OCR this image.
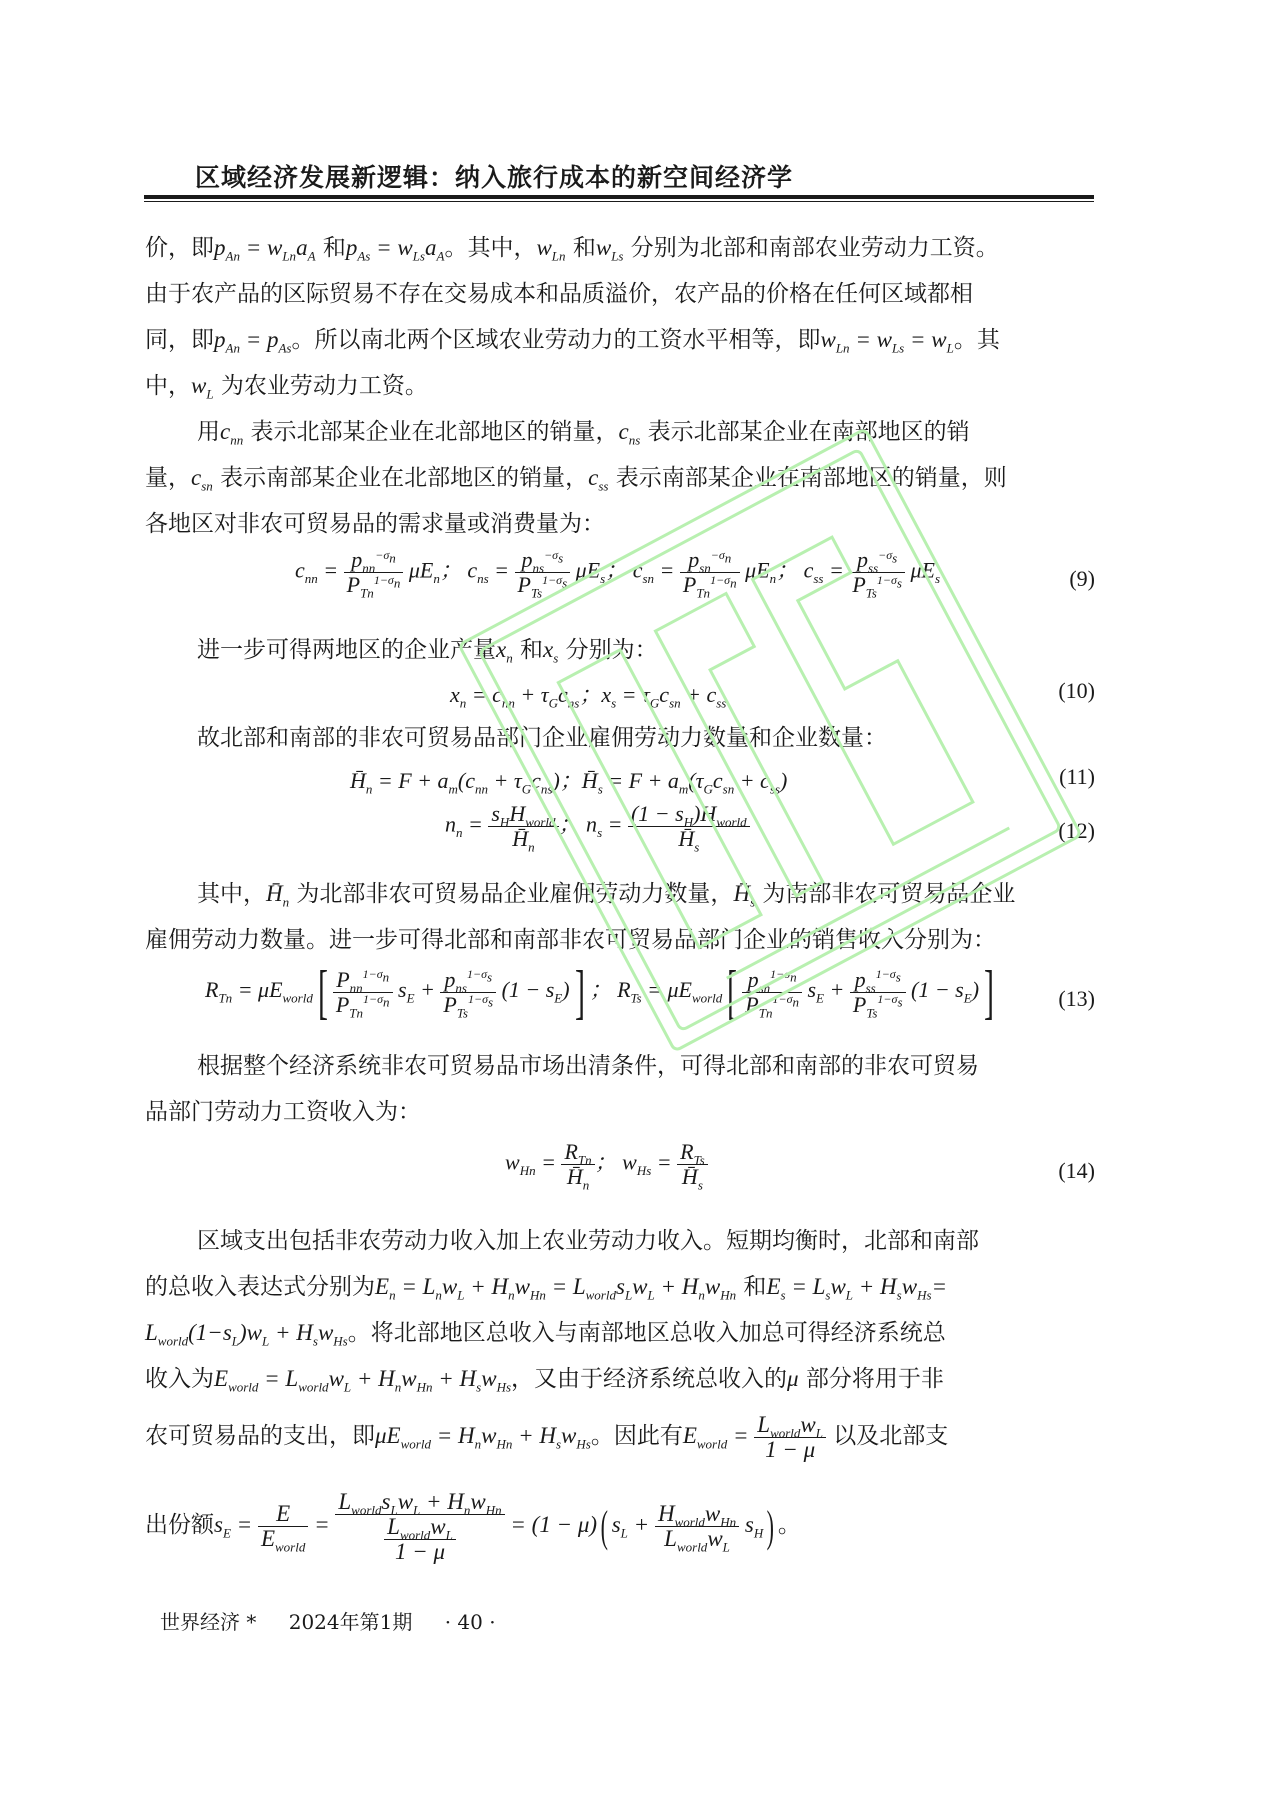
区域经济发展新逻辑：纳入旅行成本的新空间经济学
价，即$p_{An} = w_{Ln}a_A$ 和$p_{As} = w_{Ls}a_A$。其中，$w_{Ln}$ 和$w_{Ls}$ 分别为北部和南部农业劳动力工资。
由于农产品的区际贸易不存在交易成本和品质溢价，农产品的价格在任何区域都相
同，即$p_{An} = p_{As}$。所以南北两个区域农业劳动力的工资水平相等，即$w_{Ln} = w_{Ls} = w_L$。其
中，$w_L$ 为农业劳动力工资。
用$c_{nn}$ 表示北部某企业在北部地区的销量，$c_{ns}$ 表示北部某企业在南部地区的销
量，$c_{sn}$ 表示南部某企业在北部地区的销量，$c_{ss}$ 表示南部某企业在南部地区的销量，则
各地区对非农可贸易品的需求量或消费量为：
$c_{nn} = \frac{p_{nn}^{-\sigma_n}}{P_{Tn}^{1-\sigma_n}} \mu E_n$； $c_{ns} = \frac{p_{ns}^{-\sigma_s}}{P_{Ts}^{1-\sigma_s}} \mu E_s$； $c_{sn} = \frac{p_{sn}^{-\sigma_n}}{P_{Tn}^{1-\sigma_n}} \mu E_n$； $c_{ss} = \frac{p_{ss}^{-\sigma_s}}{P_{Ts}^{1-\sigma_s}} \mu E_s$	(9)
进一步可得两地区的企业产量$x_n$ 和$x_s$ 分别为：
$x_n = c_{nn} + \tau_Gc_{ns}$；$x_s = \tau_Gc_{sn} + c_{ss}$	(10)
故北部和南部的非农可贸易品部门企业雇佣劳动力数量和企业数量：
$H̄_n = F + a_m(c_{nn} + \tau_Gc_{ns})$；$H̄_s = F + a_m(\tau_Gc_{sn} + c_{ss})$	(11)
$n_n = \frac{s_HH_{world}}{H̄_n}$ ； $n_s = \frac{(1 - s_H)H_{world}}{H̄_s}$	(12)
其中，$H̄_n$ 为北部非农可贸易品企业雇佣劳动力数量，$H̄_s$ 为南部非农可贸易品企业
雇佣劳动力数量。进一步可得北部和南部非农可贸易品部门企业的销售收入分别为：
$R_{Tn} = \mu E_{world}[ \frac{P_{nn}^{1-\sigma_n}}{P_{Tn}^{1-\sigma_n}} s_E + \frac{p_{ns}^{1-\sigma_s}}{P_{Ts}^{1-\sigma_s}} (1 - s_E)]$ ； $R_{Ts} = \mu E_{world}[ \frac{p_{sn}^{1-\sigma_n}}{P_{Tn}^{1-\sigma_n}} s_E + \frac{p_{ss}^{1-\sigma_s}}{P_{Ts}^{1-\sigma_s}} (1 - s_E)]$	(13)
根据整个经济系统非农可贸易品市场出清条件，可得北部和南部的非农可贸易
品部门劳动力工资收入为：
$w_{Hn} = \frac{R_{Tn}}{H̄_n}$ ； $w_{Hs} = \frac{R_{Ts}}{H̄_s}$	(14)
区域支出包括非农劳动力收入加上农业劳动力收入。短期均衡时，北部和南部
的总收入表达式分别为$E_n = L_nw_L + H_nw_{Hn} = L_{world}s_Lw_L + H_nw_{Hn}$ 和$E_s = L_sw_L + H_sw_{Hs}=$
$L_{world}(1-s_L)w_L + H_sw_{Hs}$。将北部地区总收入与南部地区总收入加总可得经济系统总
收入为$E_{world} = L_{world}w_L + H_nw_{Hn} + H_sw_{Hs}$，又由于经济系统总收入的μ 部分将用于非
农可贸易品的支出，即$\mu E_{world} = H_nw_{Hn} + H_sw_{Hs}$。因此有$E_{world} = \frac{L_{world}w_L}{1 - \mu}$ 以及北部支
出份额$s_E = \frac{E}{E_{world}} = \frac{L_{world}s_Lw_L + H_nw_{Hn}}{\frac{L_{world}w_L}{1 - \mu}} = (1 - \mu)$( $s_L + \frac{H_{world}w_{Hn}}{L_{world}w_L} s_H$) 。
世界经济 * 2024年第1期 · 40 ·
